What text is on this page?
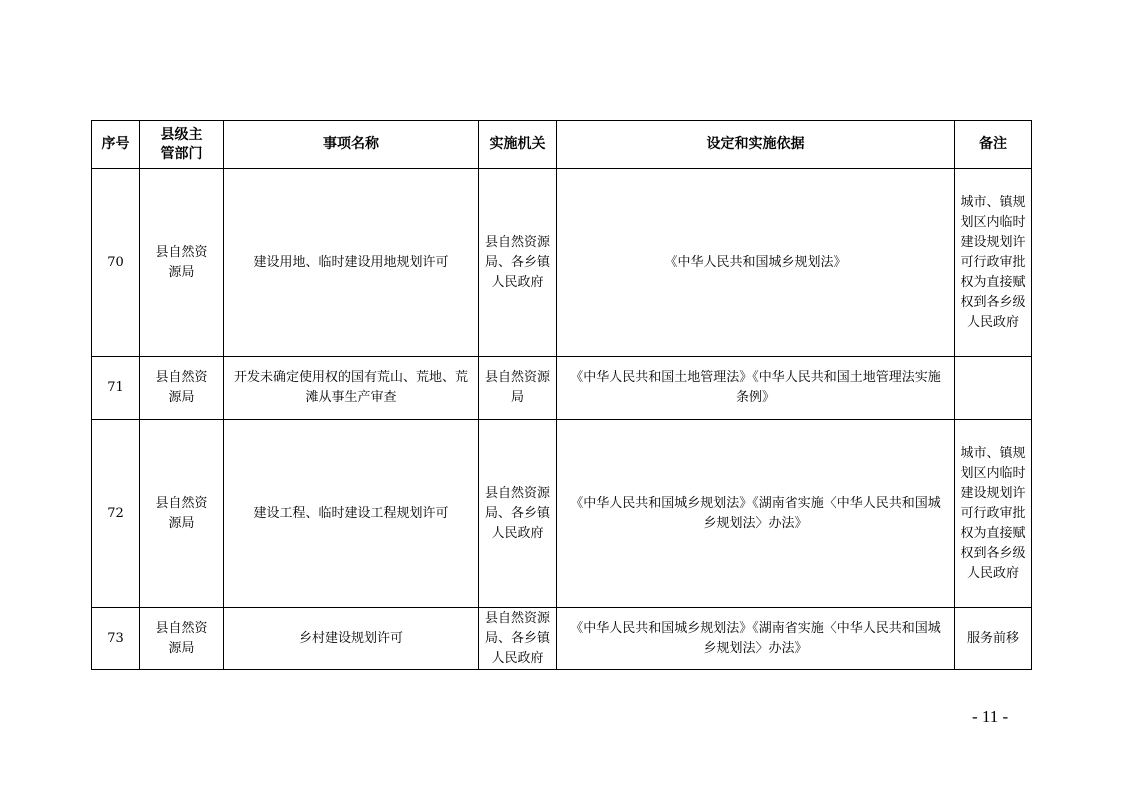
序号	县级主管部门	事项名称	实施机关	设定和实施依据	备注
70	县自然资源局	建设用地、临时建设用地规划许可	县自然资源局、各乡镇人民政府	《中华人民共和国城乡规划法》	城市、镇规划区内临时建设规划许可行政审批权为直接赋权到各乡级人民政府
71	县自然资源局	开发未确定使用权的国有荒山、荒地、荒滩从事生产审查	县自然资源局	《中华人民共和国土地管理法》《中华人民共和国土地管理法实施条例》	
72	县自然资源局	建设工程、临时建设工程规划许可	县自然资源局、各乡镇人民政府	《中华人民共和国城乡规划法》《湖南省实施〈中华人民共和国城乡规划法〉办法》	城市、镇规划区内临时建设规划许可行政审批权为直接赋权到各乡级人民政府
73	县自然资源局	乡村建设规划许可	县自然资源局、各乡镇人民政府	《中华人民共和国城乡规划法》《湖南省实施〈中华人民共和国城乡规划法〉办法》	服务前移
- 11 -
